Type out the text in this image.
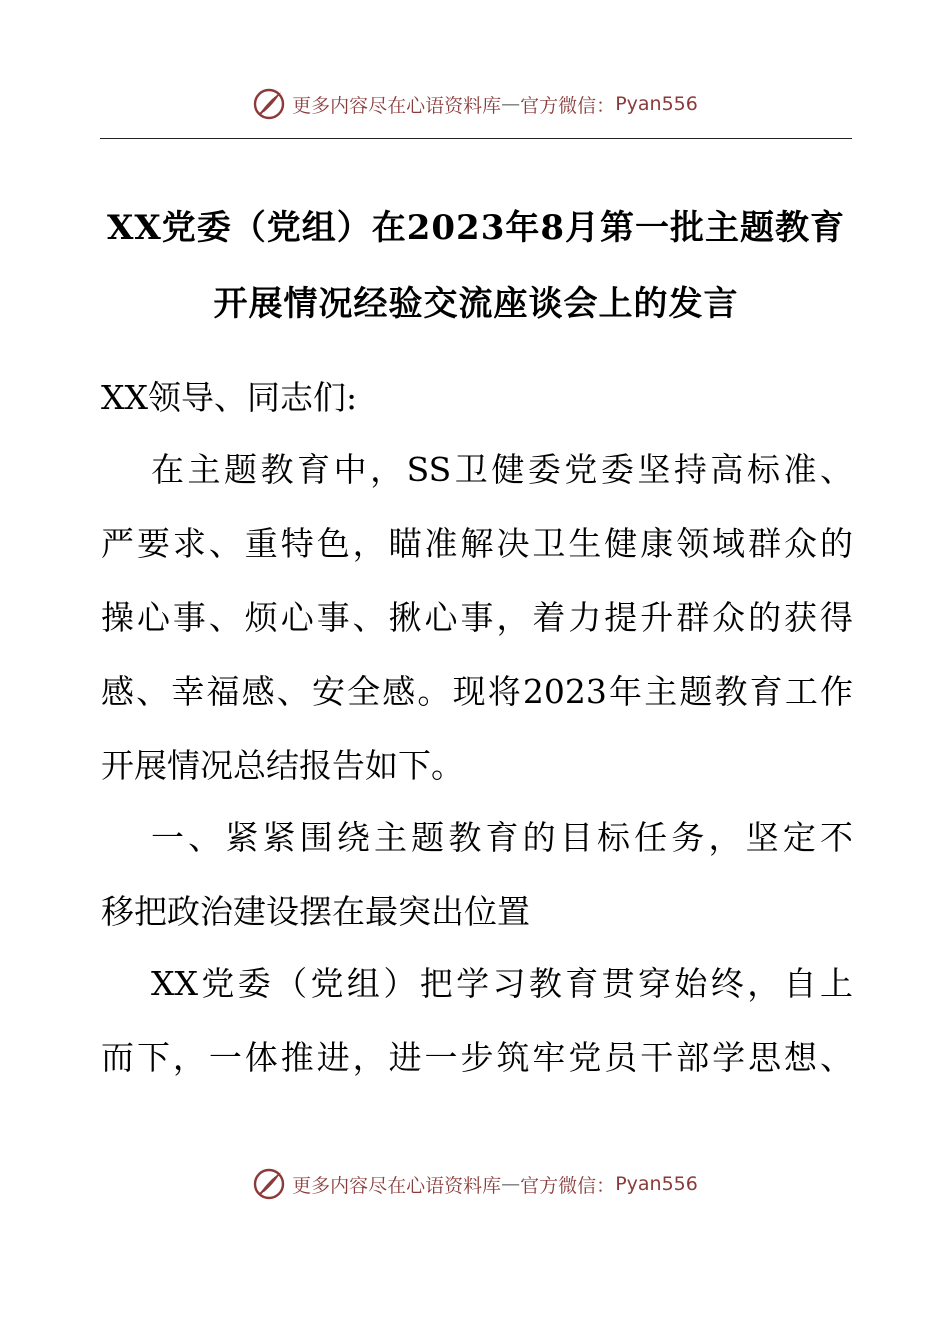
更多内容尽在心语资料库 — 官方微信： Pyan556
XX党委（党组）在2023年8月第一批主题教育
开展情况经验交流座谈会上的发言
XX领导、同志们:
在主题教育中，SS卫健委党委坚持高标准、
严要求、重特色，瞄准解决卫生健康领域群众的
操心事、烦心事、揪心事，着力提升群众的获得
感、幸福感、安全感。现将2023年主题教育工作
开展情况总结报告如下。
一、紧紧围绕主题教育的目标任务，坚定不
移把政治建设摆在最突出位置
XX党委（党组）把学习教育贯穿始终，自上
而下，一体推进，进一步筑牢党员干部学思想、
更多内容尽在心语资料库 — 官方微信： Pyan556
